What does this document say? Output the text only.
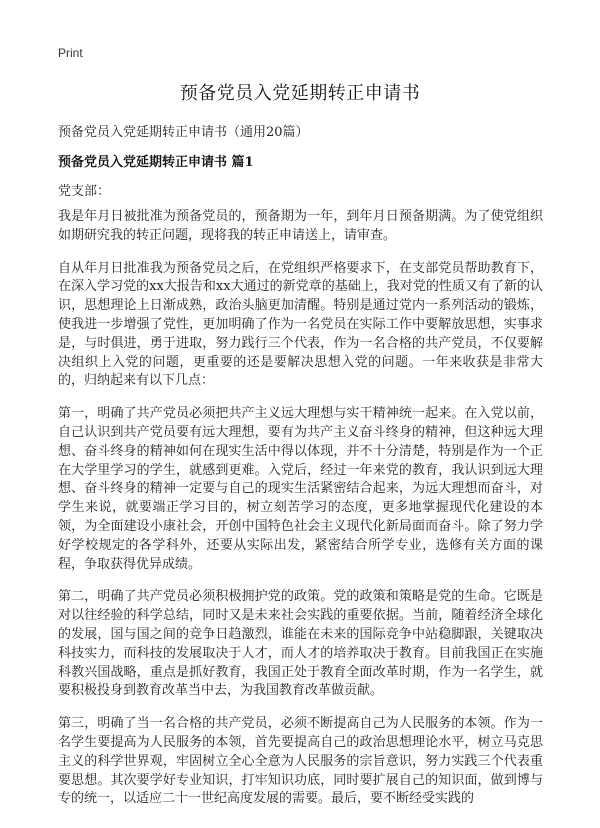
Print
预备党员入党延期转正申请书
预备党员入党延期转正申请书（通用20篇）
预备党员入党延期转正申请书 篇1
党支部：

我是年月日被批准为预备党员的，预备期为一年，到年月日预备期满。为了使党组织如期研究我的转正问题，现将我的转正申请送上，请审查。

自从年月日批准我为预备党员之后，在党组织严格要求下，在支部党员帮助教育下，在深入学习党的xx大报告和xx大通过的新党章的基础上，我对党的性质又有了新的认识，思想理论上日渐成熟，政治头脑更加清醒。特别是通过党内一系列活动的锻炼，使我进一步增强了党性，更加明确了作为一名党员在实际工作中要解放思想，实事求是，与时俱进，勇于进取，努力践行三个代表，作为一名合格的共产党员，不仅要解决组织上入党的问题，更重要的还是要解决思想入党的问题。一年来收获是非常大的，归纳起来有以下几点：

第一，明确了共产党员必须把共产主义远大理想与实干精神统一起来。在入党以前，自己认识到共产党员要有远大理想，要有为共产主义奋斗终身的精神，但这种远大理想、奋斗终身的精神如何在现实生活中得以体现，并不十分清楚，特别是作为一个正在大学里学习的学生，就感到更难。入党后，经过一年来党的教育，我认识到远大理想、奋斗终身的精神一定要与自己的现实生活紧密结合起来，为远大理想而奋斗，对学生来说，就要端正学习目的，树立刻苦学习的态度，更多地掌握现代化建设的本领，为全面建设小康社会，开创中国特色社会主义现代化新局面而奋斗。除了努力学好学校规定的各学科外，还要从实际出发，紧密结合所学专业，选修有关方面的课程，争取获得优异成绩。

第二，明确了共产党员必须积极拥护党的政策。党的政策和策略是党的生命。它既是对以往经验的科学总结，同时又是未来社会实践的重要依据。当前，随着经济全球化的发展，国与国之间的竞争日趋激烈，谁能在未来的国际竞争中站稳脚跟，关键取决科技实力，而科技的发展取决于人才，而人才的培养取决于教育。目前我国正在实施科教兴国战略，重点是抓好教育，我国正处于教育全面改革时期，作为一名学生，就要积极投身到教育改革当中去，为我国教育改革做贡献。

第三，明确了当一名合格的共产党员，必须不断提高自己为人民服务的本领。作为一名学生要提高为人民服务的本领，首先要提高自己的政治思想理论水平，树立马克思主义的科学世界观，牢固树立全心全意为人民服务的宗旨意识，努力实践三个代表重要思想。其次要学好专业知识，打牢知识功底，同时要扩展自己的知识面，做到博与专的统一，以适应二十一世纪高度发展的需要。最后，要不断经受实践的
